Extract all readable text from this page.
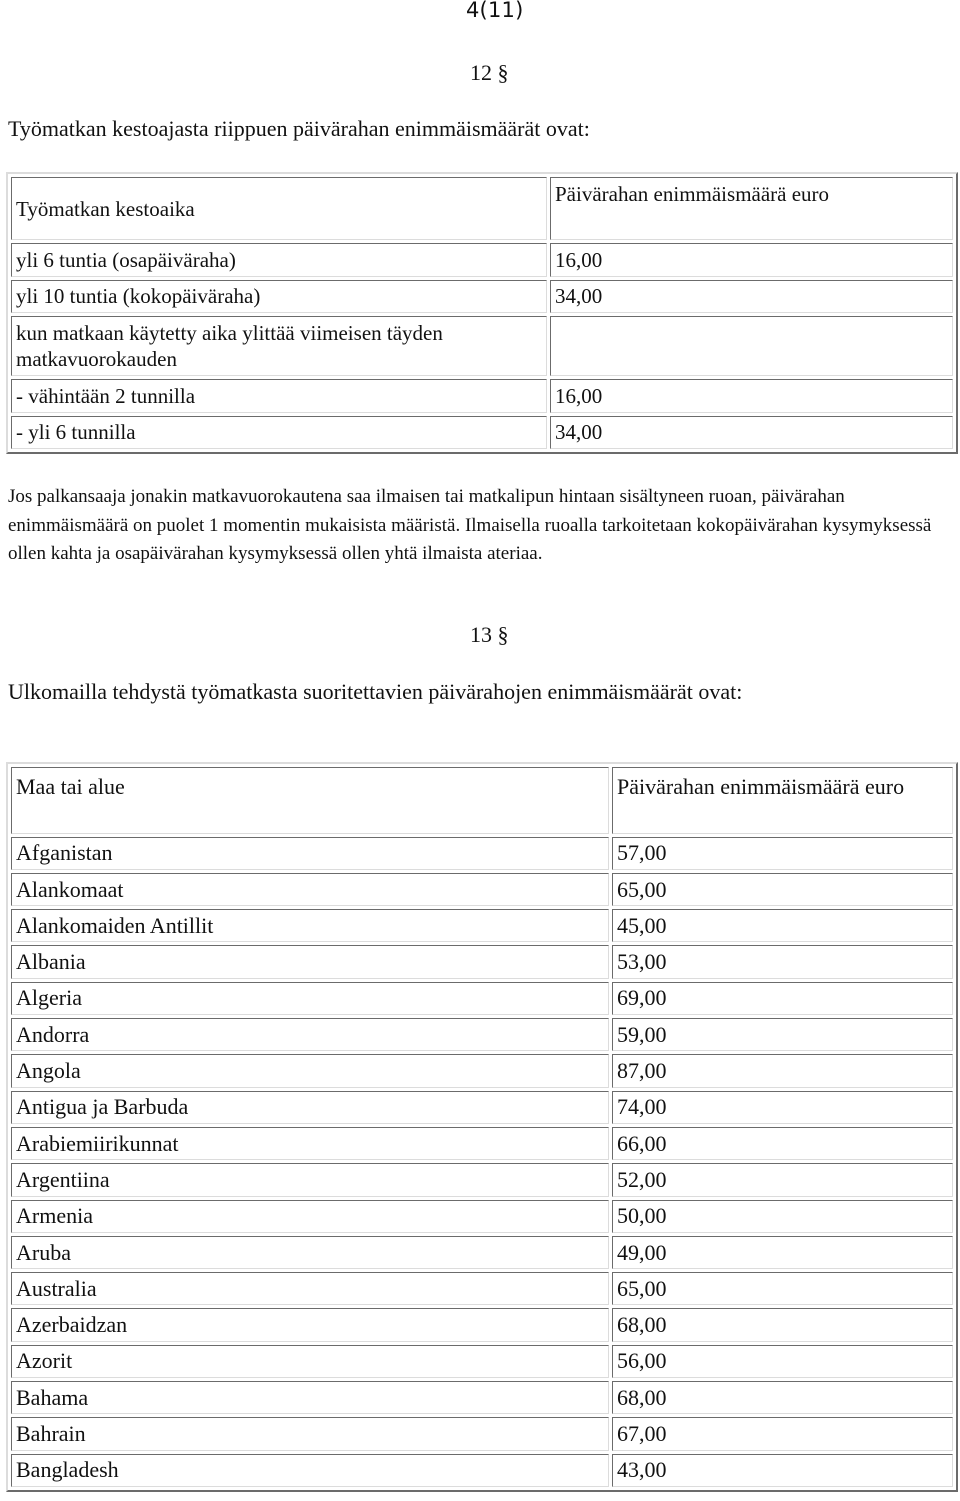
4(11)
12 §
Työmatkan kestoajasta riippuen päivärahan enimmäismäärät ovat:
Työmatkan kestoaika	Päivärahan enimmäismäärä euro
yli 6 tuntia (osapäiväraha)	16,00
yli 10 tuntia (kokopäiväraha)	34,00
kun matkaan käytetty aika ylittää viimeisen täyden matkavuorokauden	
- vähintään 2 tunnilla	16,00
- yli 6 tunnilla	34,00
Jos palkansaaja jonakin matkavuorokautena saa ilmaisen tai matkalipun hintaan sisältyneen ruoan, päivärahan enimmäismäärä on puolet 1 momentin mukaisista määristä. Ilmaisella ruoalla tarkoitetaan kokopäivärahan kysymyksessä ollen kahta ja osapäivärahan kysymyksessä ollen yhtä ilmaista ateriaa.
13 §
Ulkomailla tehdystä työmatkasta suoritettavien päivärahojen enimmäismäärät ovat:
Maa tai alue	Päivärahan enimmäismäärä euro
Afganistan	57,00
Alankomaat	65,00
Alankomaiden Antillit	45,00
Albania	53,00
Algeria	69,00
Andorra	59,00
Angola	87,00
Antigua ja Barbuda	74,00
Arabiemiirikunnat	66,00
Argentiina	52,00
Armenia	50,00
Aruba	49,00
Australia	65,00
Azerbaidzan	68,00
Azorit	56,00
Bahama	68,00
Bahrain	67,00
Bangladesh	43,00
